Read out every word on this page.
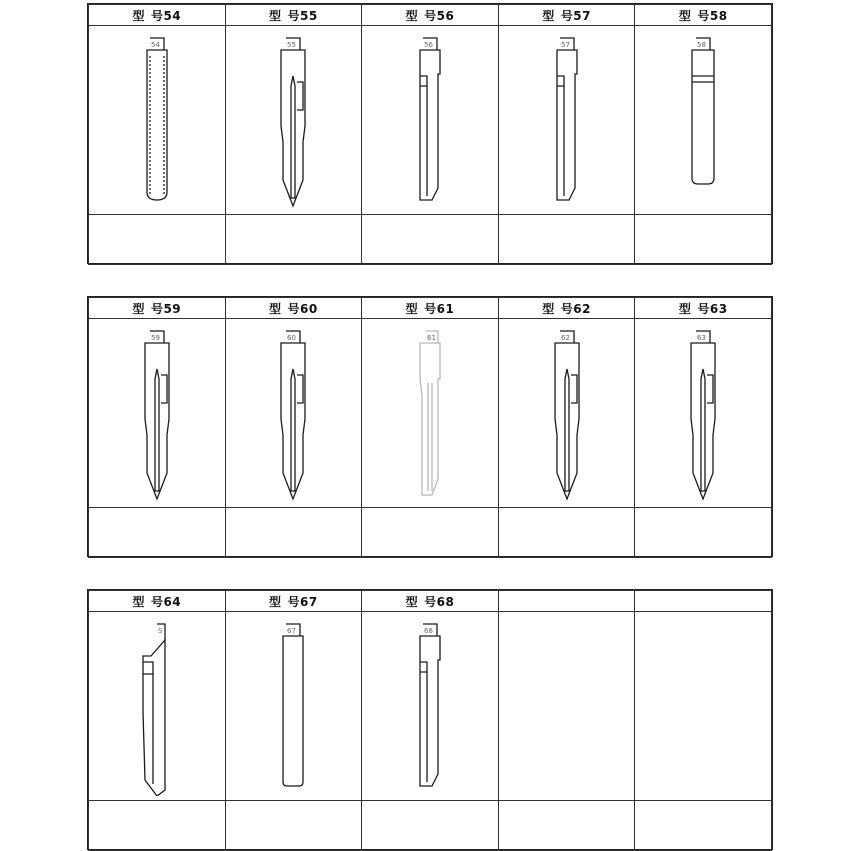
型 号54	型 号55	型 号56	型 号57	型 号58

54	55	56	57	58

型 号59	型 号60	型 号61	型 号62	型 号63

59	60	61	62	63

型 号64	型 号67	型 号68		

S	67	68		
